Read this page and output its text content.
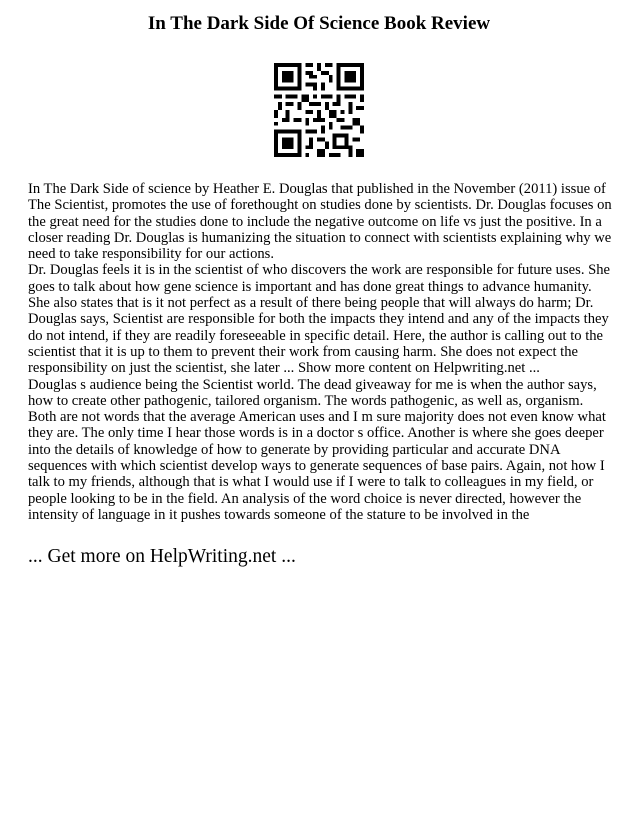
In The Dark Side Of Science Book Review

In The Dark Side of science by Heather E. Douglas that published in the November (2011) issue of The Scientist, promotes the use of forethought on studies done by scientists. Dr. Douglas focuses on the great need for the studies done to include the negative outcome on life vs just the positive. In a closer reading Dr. Douglas is humanizing the situation to connect with scientists explaining why we need to take responsibility for our actions.

Dr. Douglas feels it is in the scientist of who discovers the work are responsible for future uses. She goes to talk about how gene science is important and has done great things to advance humanity. She also states that is it not perfect as a result of there being people that will always do harm; Dr. Douglas says, Scientist are responsible for both the impacts they intend and any of the impacts they do not intend, if they are readily foreseeable in specific detail. Here, the author is calling out to the scientist that it is up to them to prevent their work from causing harm. She does not expect the responsibility on just the scientist, she later ... Show more content on Helpwriting.net ...

Douglas s audience being the Scientist world. The dead giveaway for me is when the author says, how to create other pathogenic, tailored organism. The words pathogenic, as well as, organism. Both are not words that the average American uses and I m sure majority does not even know what they are. The only time I hear those words is in a doctor s office. Another is where she goes deeper into the details of knowledge of how to generate by providing particular and accurate DNA sequences with which scientist develop ways to generate sequences of base pairs. Again, not how I talk to my friends, although that is what I would use if I were to talk to colleagues in my field, or people looking to be in the field. An analysis of the word choice is never directed, however the intensity of language in it pushes towards someone of the stature to be involved in the

... Get more on HelpWriting.net ...
